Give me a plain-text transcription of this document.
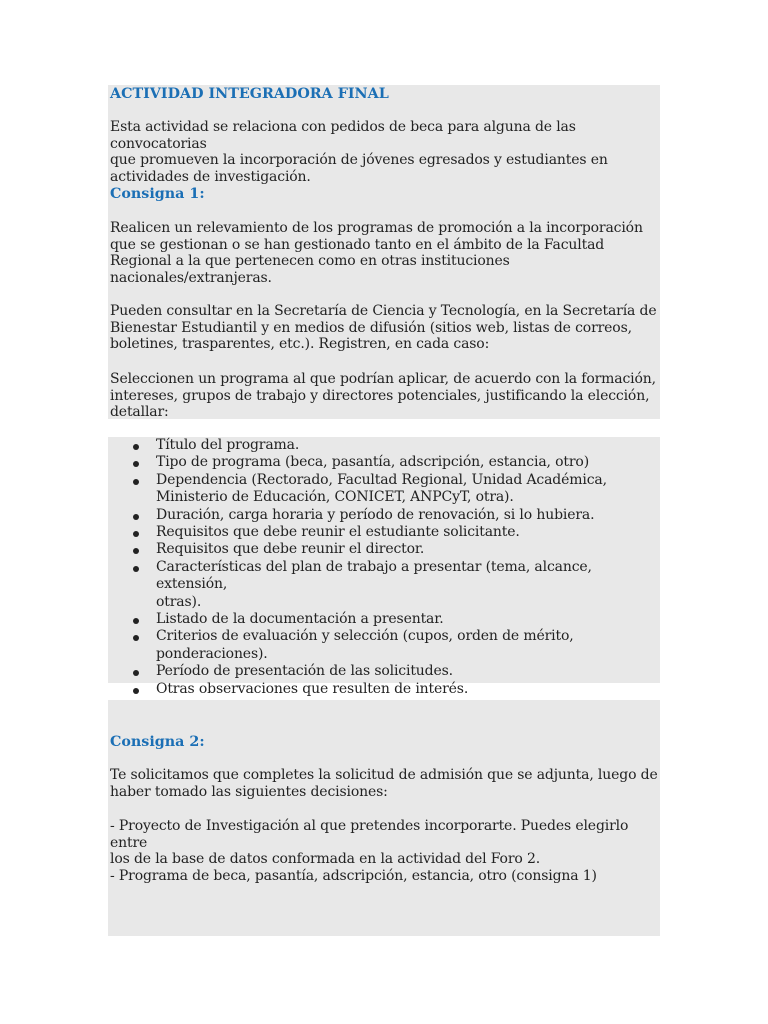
ACTIVIDAD INTEGRADORA FINAL
Esta actividad se relaciona con pedidos de beca para alguna de las convocatorias
que promueven la incorporación de jóvenes egresados y estudiantes en
actividades de investigación.
Consigna 1:
Realicen un relevamiento de los programas de promoción a la incorporación
que se gestionan o se han gestionado tanto en el ámbito de la Facultad
Regional a la que pertenecen como en otras instituciones
nacionales/extranjeras.
Pueden consultar en la Secretaría de Ciencia y Tecnología, en la Secretaría de
Bienestar Estudiantil y en medios de difusión (sitios web, listas de correos,
boletines, trasparentes, etc.). Registren, en cada caso:
Seleccionen un programa al que podrían aplicar, de acuerdo con la formación,
intereses, grupos de trabajo y directores potenciales, justificando la elección,
detallar:
Título del programa.
Tipo de programa (beca, pasantía, adscripción, estancia, otro)
Dependencia (Rectorado, Facultad Regional, Unidad Académica,
Ministerio de Educación, CONICET, ANPCyT, otra).
Duración, carga horaria y período de renovación, si lo hubiera.
Requisitos que debe reunir el estudiante solicitante.
Requisitos que debe reunir el director.
Características del plan de trabajo a presentar (tema, alcance, extensión,
otras).
Listado de la documentación a presentar.
Criterios de evaluación y selección (cupos, orden de mérito,
ponderaciones).
Período de presentación de las solicitudes.
Otras observaciones que resulten de interés.
Consigna 2:
Te solicitamos que completes la solicitud de admisión que se adjunta, luego de
haber tomado las siguientes decisiones:
- Proyecto de Investigación al que pretendes incorporarte. Puedes elegirlo entre
los de la base de datos conformada en la actividad del Foro 2.
- Programa de beca, pasantía, adscripción, estancia, otro (consigna 1)
